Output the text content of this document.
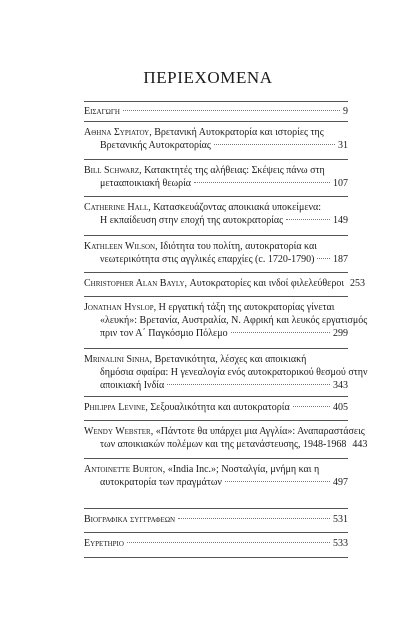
ΠΕΡΙΕΧΟΜΕΝΑ
Εισαγωγη	9
Αθηνα Συριατου, Βρετανική Αυτοκρατορία και ιστορίες της
Βρετανικής Αυτοκρατορίας	31
Bill Schwarz, Κατακτητές της αλήθειας: Σκέψεις πάνω στη
μετααποικιακή θεωρία	107
Catherine Hall, Κατασκευάζοντας αποικιακά υποκείμενα:
Η εκπαίδευση στην εποχή της αυτοκρατορίας	149
Kathleen Wilson, Ιδιότητα του πολίτη, αυτοκρατορία και
νεωτερικότητα στις αγγλικές επαρχίες (c. 1720-1790) 187
Christopher Alan Bayly, Αυτοκρατορίες και ινδοί φιλελεύθεροι 253
Jonathan Hyslop, Η εργατική τάξη της αυτοκρατορίας γίνεται
«λευκή»: Βρετανία, Αυστραλία, Ν. Αφρική και λευκός εργατισμός
πριν τον Α΄ Παγκόσμιο Πόλεμο	299
Mrinalini Sinha, Βρετανικότητα, λέσχες και αποικιακή
δημόσια σφαίρα: Η γενεαλογία ενός αυτοκρατορικού θεσμού στην
αποικιακή Ινδία	343
Philippa Levine, Σεξουαλικότητα και αυτοκρατορία	405
Wendy Webster, «Πάντοτε θα υπάρχει μια Αγγλία»: Αναπαραστάσεις
των αποικιακών πολέμων και της μετανάστευσης, 1948-1968 443
Antoinette Burton, «India Inc.»; Νοσταλγία, μνήμη και η
αυτοκρατορία των πραγμάτων	497
Βιογραφικα συγγραφεων	531
Ευρετηριο	533
